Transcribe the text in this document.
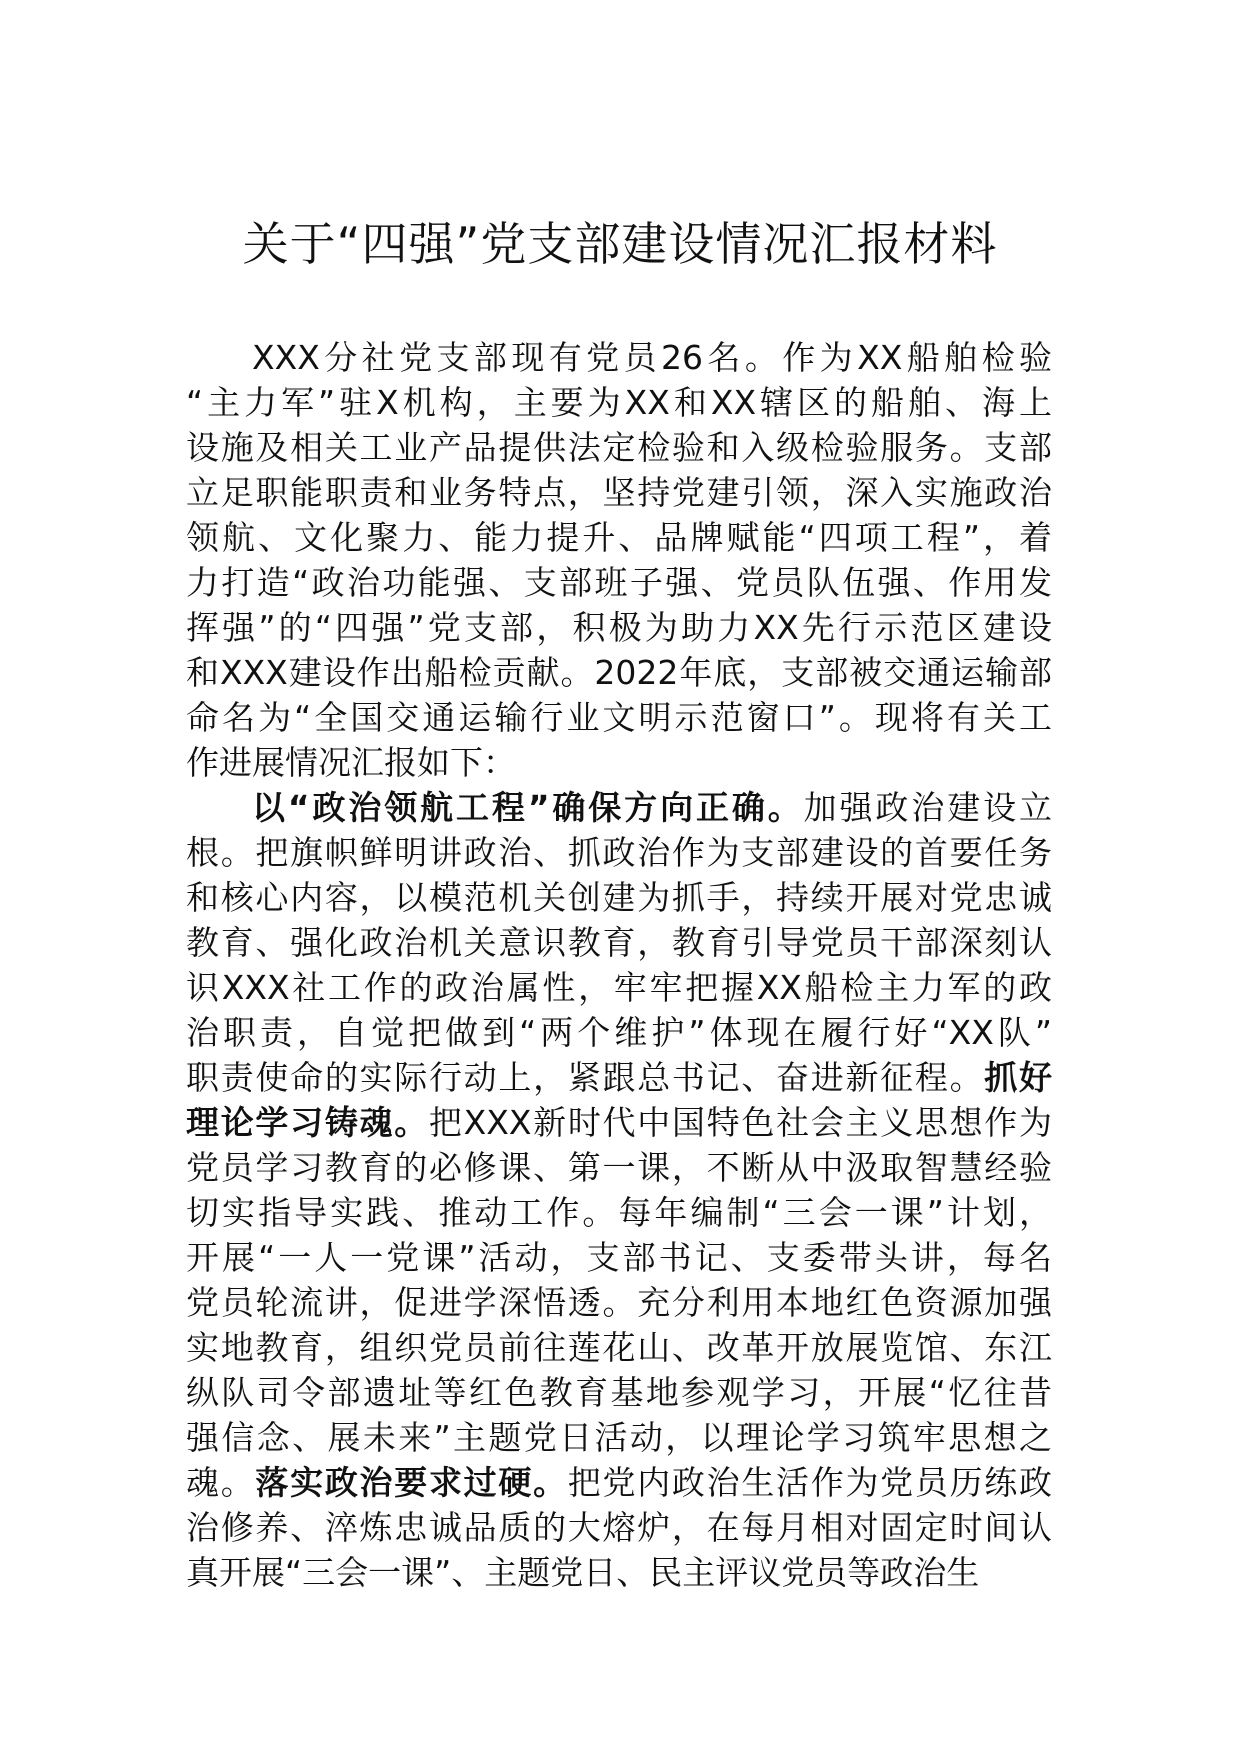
关于“四强”党支部建设情况汇报材料
XXX分社党支部现有党员26名。作为XX船舶检验
“主力军”驻X机构，主要为XX和XX辖区的船舶、海上
设施及相关工业产品提供法定检验和入级检验服务。支部
立足职能职责和业务特点，坚持党建引领，深入实施政治
领航、文化聚力、能力提升、品牌赋能“四项工程”，着
力打造“政治功能强、支部班子强、党员队伍强、作用发
挥强”的“四强”党支部，积极为助力XX先行示范区建设
和XXX建设作出船检贡献。2022年底，支部被交通运输部
命名为“全国交通运输行业文明示范窗口”。现将有关工
作进展情况汇报如下：
以“政治领航工程”确保方向正确。加强政治建设立
根。把旗帜鲜明讲政治、抓政治作为支部建设的首要任务
和核心内容，以模范机关创建为抓手，持续开展对党忠诚
教育、强化政治机关意识教育，教育引导党员干部深刻认
识XXX社工作的政治属性，牢牢把握XX船检主力军的政
治职责，自觉把做到“两个维护”体现在履行好“XX队”
职责使命的实际行动上，紧跟总书记、奋进新征程。抓好
理论学习铸魂。把XXX新时代中国特色社会主义思想作为
党员学习教育的必修课、第一课，不断从中汲取智慧经验
切实指导实践、推动工作。每年编制“三会一课”计划，
开展“一人一党课”活动，支部书记、支委带头讲，每名
党员轮流讲，促进学深悟透。充分利用本地红色资源加强
实地教育，组织党员前往莲花山、改革开放展览馆、东江
纵队司令部遗址等红色教育基地参观学习，开展“忆往昔
强信念、展未来”主题党日活动，以理论学习筑牢思想之
魂。落实政治要求过硬。把党内政治生活作为党员历练政
治修养、淬炼忠诚品质的大熔炉，在每月相对固定时间认
真开展“三会一课”、主题党日、民主评议党员等政治生
